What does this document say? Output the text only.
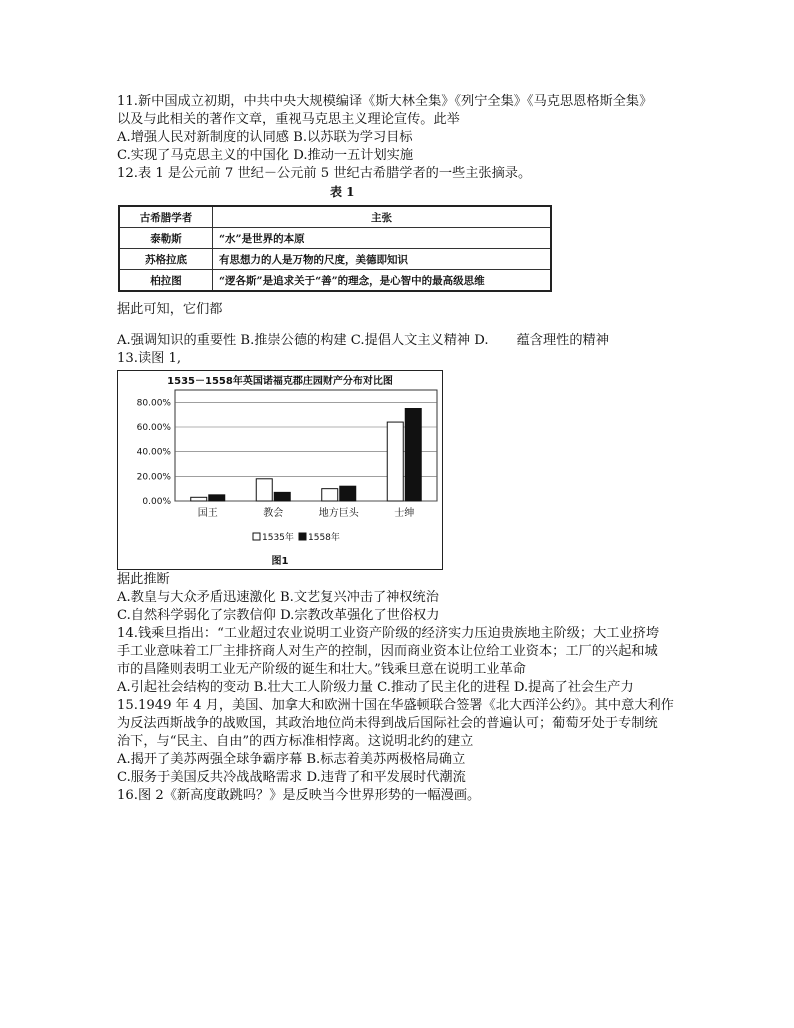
11.新中国成立初期，中共中央大规模编译《斯大林全集》《列宁全集》《马克思恩格斯全集》
以及与此相关的著作文章，重视马克思主义理论宣传。此举
A.增强人民对新制度的认同感 B.以苏联为学习目标
C.实现了马克思主义的中国化 D.推动一五计划实施
12.表 1 是公元前 7 世纪－公元前 5 世纪古希腊学者的一些主张摘录。
表 1
古希腊学者	主张
泰勒斯	“水”是世界的本原
苏格拉底	有思想力的人是万物的尺度，美德即知识
柏拉图	“逻各斯”是追求关于“善”的理念，是心智中的最高级思维
据此可知，它们都
A.强调知识的重要性 B.推崇公德的构建 C.提倡人文主义精神 D. 蕴含理性的精神
13.读图 1,
1535－1558年英国诺福克郡庄园财产分布对比图
0.00%
20.00%
40.00%
60.00%
80.00%
国王	教会	地方巨头	士绅
1535年 1558年
图1
据此推断
A.教皇与大众矛盾迅速激化 B.文艺复兴冲击了神权统治
C.自然科学弱化了宗教信仰 D.宗教改革强化了世俗权力
14.钱乘旦指出：“工业超过农业说明工业资产阶级的经济实力压迫贵族地主阶级；大工业挤垮
手工业意味着工厂主排挤商人对生产的控制，因而商业资本让位给工业资本；工厂的兴起和城
市的昌隆则表明工业无产阶级的诞生和壮大。”钱乘旦意在说明工业革命
A.引起社会结构的变动 B.壮大工人阶级力量 C.推动了民主化的进程 D.提高了社会生产力
15.1949 年 4 月，美国、加拿大和欧洲十国在华盛顿联合签署《北大西洋公约》。其中意大利作
为反法西斯战争的战败国，其政治地位尚未得到战后国际社会的普遍认可；葡萄牙处于专制统
治下，与“民主、自由”的西方标准相悖离。这说明北约的建立
A.揭开了美苏两强全球争霸序幕 B.标志着美苏两极格局确立
C.服务于美国反共冷战战略需求 D.违背了和平发展时代潮流
16.图 2《新高度敢跳吗？》是反映当今世界形势的一幅漫画。
